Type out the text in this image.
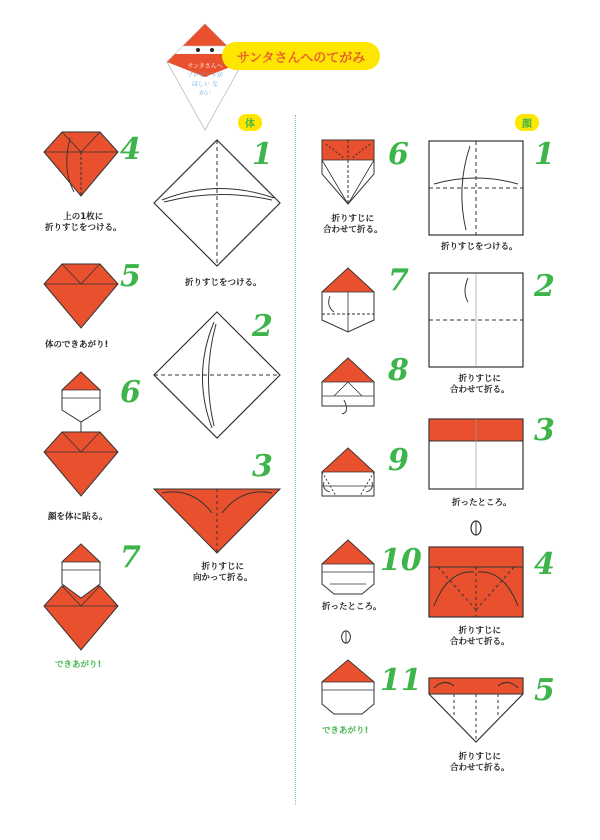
サンタさんへ
プレゼントが
ほしい な
かい
サンタさんへのてがみ
体	顔
1
折りすじをつける。
2
3
折りすじに
向かって折る。
4
上の1枚に
折りすじをつける。
5
体のできあがり!
6
顔を体に貼る。
7
できあがり!
1
折りすじをつける。
2
折りすじに
合わせて折る。
3
折ったところ。
4
折りすじに
合わせて折る。
5
折りすじに
合わせて折る。
6
折りすじに
合わせて折る。
7
8
9
10
折ったところ。
11
できあがり!
